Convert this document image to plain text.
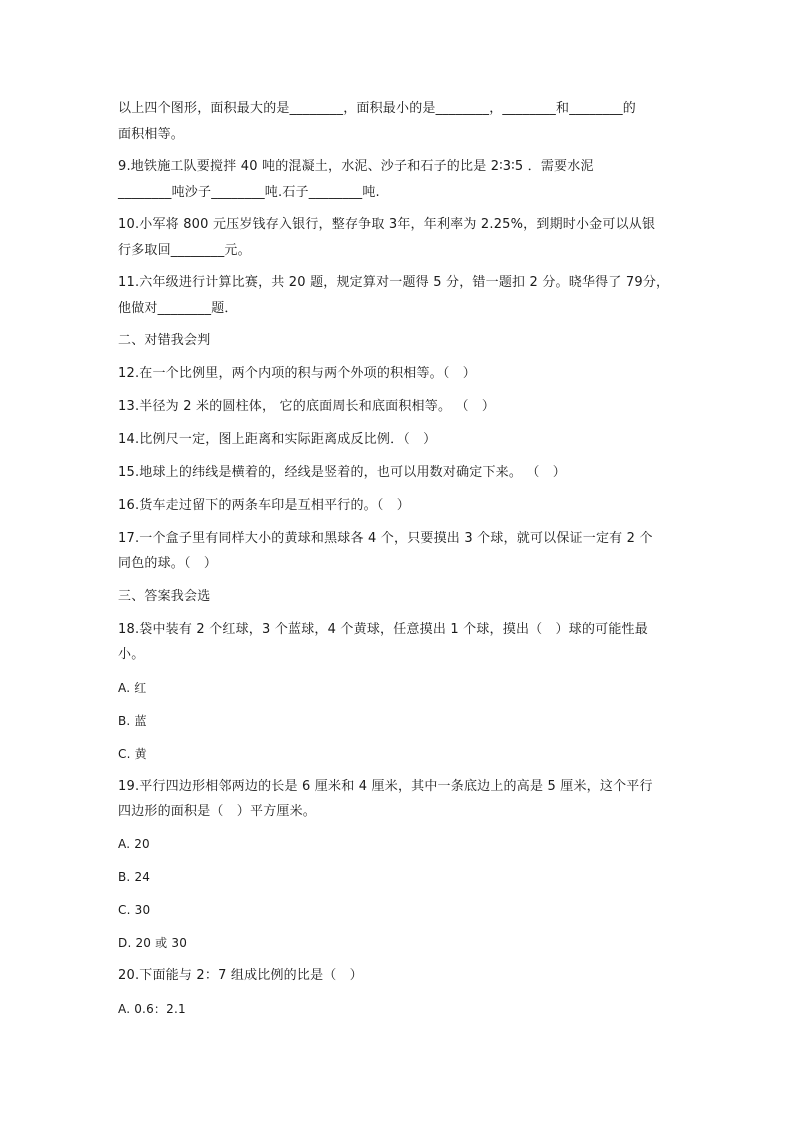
以上四个图形，面积最大的是________，面积最小的是________，________和________的
面积相等。
9.地铁施工队要搅拌 40 吨的混凝土，水泥、沙子和石子的比是 2∶3∶5 ．需要水泥
________吨沙子________吨.石子________吨.
10.小军将 800 元压岁钱存入银行，整存争取 3年，年利率为 2.25%，到期时小金可以从银
行多取回________元。
11.六年级进行计算比赛，共 20 题，规定算对一题得 5 分，错一题扣 2 分。晓华得了 79分，
他做对________题．
二、对错我会判
12.在一个比例里，两个内项的积与两个外项的积相等。（　）
13.半径为 2 米的圆柱体， 它的底面周长和底面积相等。 （　）
14.比例尺一定，图上距离和实际距离成反比例．（　）
15.地球上的纬线是横着的，经线是竖着的，也可以用数对确定下来。 （　）
16.货车走过留下的两条车印是互相平行的。（　）
17.一个盒子里有同样大小的黄球和黑球各 4 个，只要摸出 3 个球，就可以保证一定有 2 个
同色的球。（　）
三、答案我会选
18.袋中装有 2 个红球，3 个蓝球，4 个黄球，任意摸出 1 个球，摸出（　）球的可能性最
小。
A. 红
B. 蓝
C. 黄
19.平行四边形相邻两边的长是 6 厘米和 4 厘米，其中一条底边上的高是 5 厘米，这个平行
四边形的面积是（　）平方厘米。
A. 20
B. 24
C. 30
D. 20 或 30
20.下面能与 2：7 组成比例的比是（　）
A. 0.6：2.1
